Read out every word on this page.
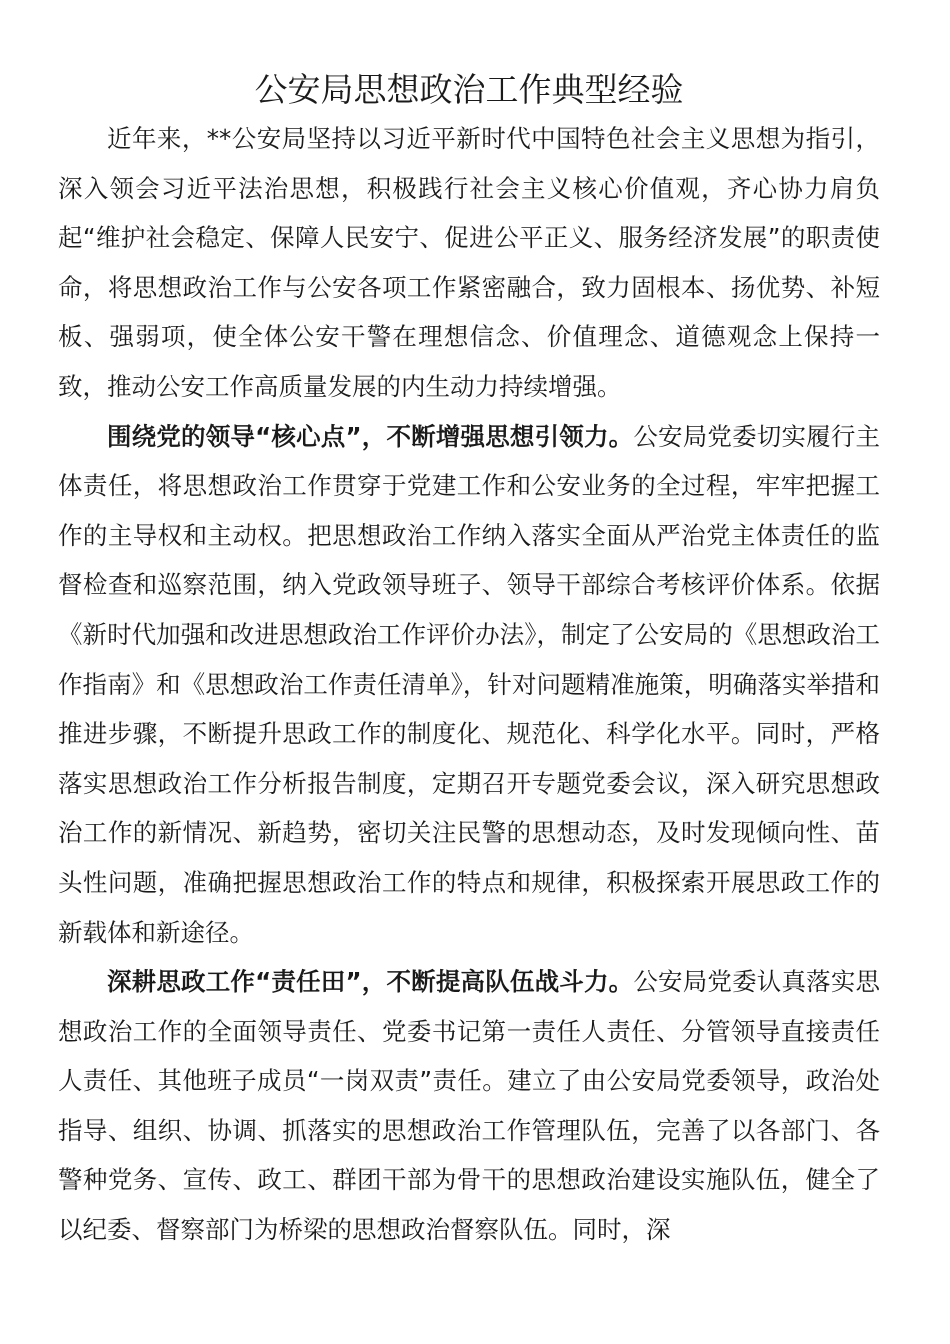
公安局思想政治工作典型经验

近年来，**公安局坚持以习近平新时代中国特色社会主义思想为指引，深入领会习近平法治思想，积极践行社会主义核心价值观，齐心协力肩负起“维护社会稳定、保障人民安宁、促进公平正义、服务经济发展”的职责使命，将思想政治工作与公安各项工作紧密融合，致力固根本、扬优势、补短板、强弱项，使全体公安干警在理想信念、价值理念、道德观念上保持一致，推动公安工作高质量发展的内生动力持续增强。

围绕党的领导“核心点”，不断增强思想引领力。公安局党委切实履行主体责任，将思想政治工作贯穿于党建工作和公安业务的全过程，牢牢把握工作的主导权和主动权。把思想政治工作纳入落实全面从严治党主体责任的监督检查和巡察范围，纳入党政领导班子、领导干部综合考核评价体系。依据《新时代加强和改进思想政治工作评价办法》，制定了公安局的《思想政治工作指南》和《思想政治工作责任清单》，针对问题精准施策，明确落实举措和推进步骤，不断提升思政工作的制度化、规范化、科学化水平。同时，严格落实思想政治工作分析报告制度，定期召开专题党委会议，深入研究思想政治工作的新情况、新趋势，密切关注民警的思想动态，及时发现倾向性、苗头性问题，准确把握思想政治工作的特点和规律，积极探索开展思政工作的新载体和新途径。

深耕思政工作“责任田”，不断提高队伍战斗力。公安局党委认真落实思想政治工作的全面领导责任、党委书记第一责任人责任、分管领导直接责任人责任、其他班子成员“一岗双责”责任。建立了由公安局党委领导，政治处指导、组织、协调、抓落实的思想政治工作管理队伍，完善了以各部门、各警种党务、宣传、政工、群团干部为骨干的思想政治建设实施队伍，健全了以纪委、督察部门为桥梁的思想政治督察队伍。同时，深
